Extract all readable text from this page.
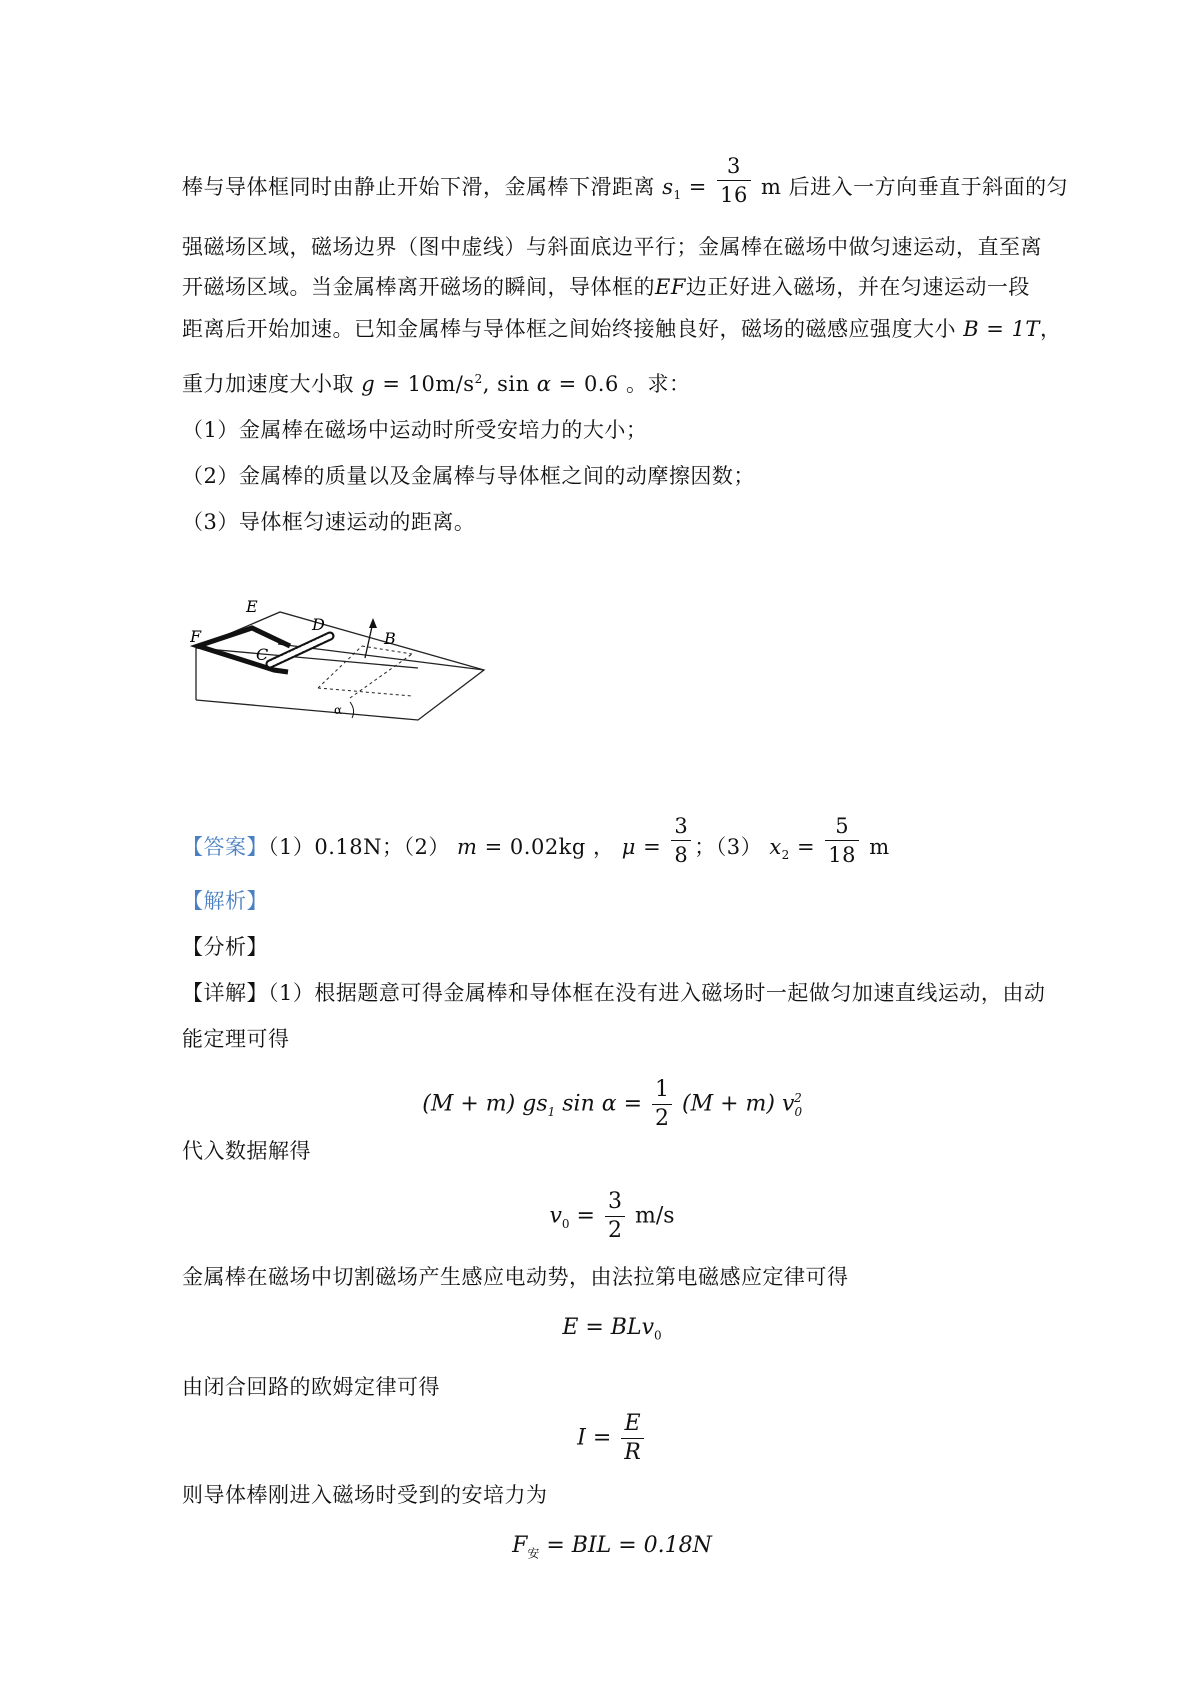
棒与导体框同时由静止开始下滑，金属棒下滑距离 $s_1 = \frac{3}{16}$ m 后进入一方向垂直于斜面的匀
强磁场区域，磁场边界（图中虚线）与斜面底边平行；金属棒在磁场中做匀速运动，直至离
开磁场区域。当金属棒离开磁场的瞬间，导体框的EF边正好进入磁场，并在匀速运动一段
距离后开始加速。已知金属棒与导体框之间始终接触良好，磁场的磁感应强度大小 B = 1T，
重力加速度大小取 $g = 10m/s^2$, sin α = 0.6 。求：
（1）金属棒在磁场中运动时所受安培力的大小；
（2）金属棒的质量以及金属棒与导体框之间的动摩擦因数；
（3）导体框匀速运动的距离。
E
D
F
C
B
α
【答案】（1）0.18N；（2） m = 0.02kg ， $\mu = \frac{3}{8}$ ；（3） $x_2 = \frac{5}{18}$ m
【解析】
【分析】
【详解】（1）根据题意可得金属棒和导体框在没有进入磁场时一起做匀加速直线运动，由动
能定理可得
(M + m) $gs_1$ $\sin \alpha = \frac{1}{2} (M + m)$ $v_0^2$
代入数据解得
$v_0 = \frac{3}{2} m/s$
金属棒在磁场中切割磁场产生感应电动势，由法拉第电磁感应定律可得
E = BLv$_0$
由闭合回路的欧姆定律可得
$I = \frac{E}{R}$
则导体棒刚进入磁场时受到的安培力为
$F_安$ = BIL = 0.18N
